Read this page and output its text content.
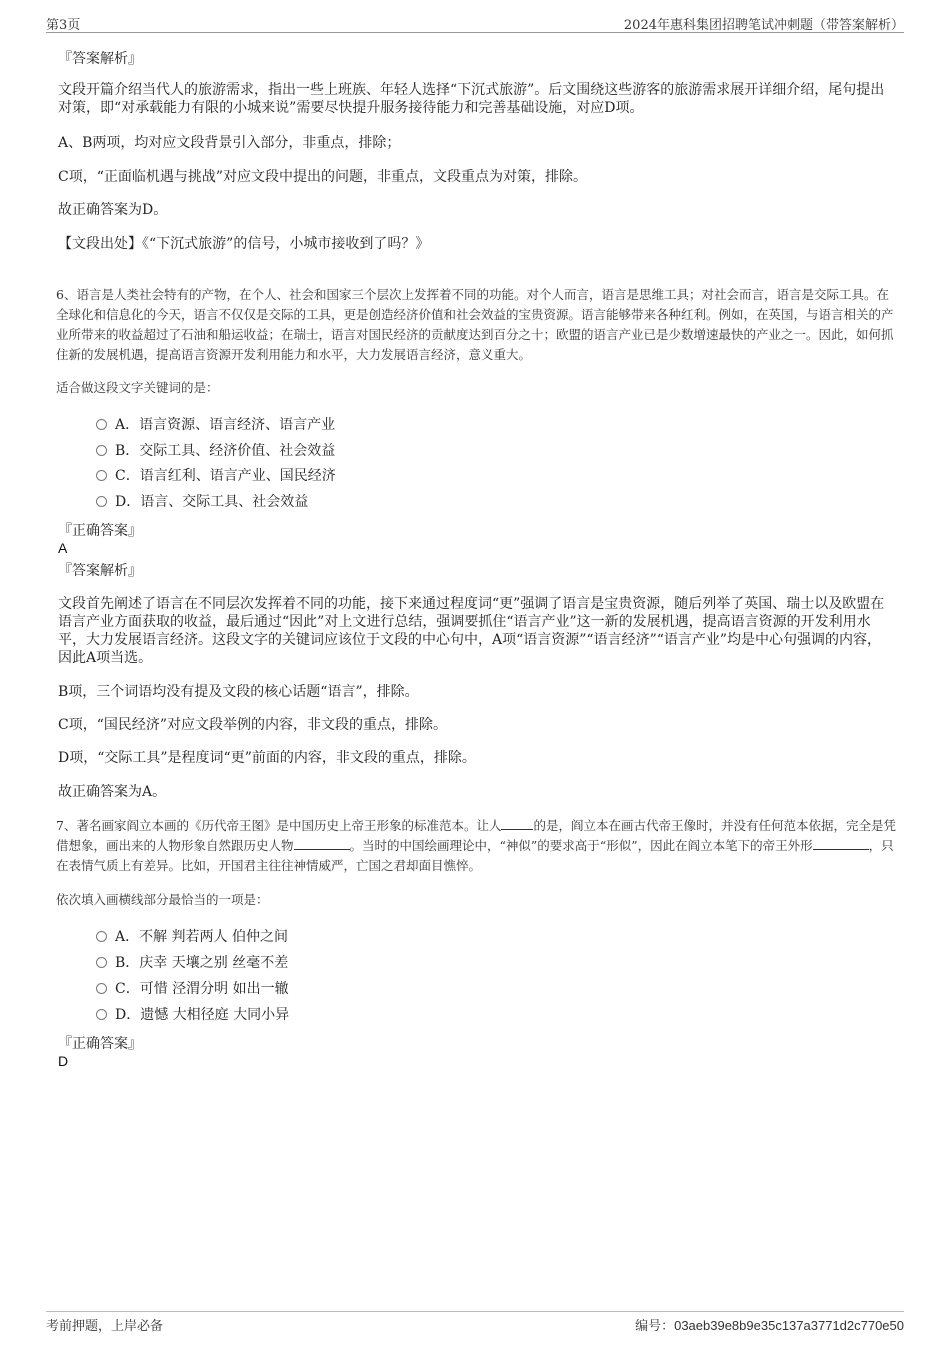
第3页	2024年惠科集团招聘笔试冲刺题（带答案解析）
『答案解析』
文段开篇介绍当代人的旅游需求，指出一些上班族、年轻人选择“下沉式旅游”。后文围绕这些游客的旅游需求展开详细介绍，尾句提出对策，即“对承载能力有限的小城来说”需要尽快提升服务接待能力和完善基础设施，对应D项。
A、B两项，均对应文段背景引入部分，非重点，排除；
C项，“正面临机遇与挑战”对应文段中提出的问题，非重点，文段重点为对策，排除。
故正确答案为D。
【文段出处】《“下沉式旅游”的信号，小城市接收到了吗？》
6、语言是人类社会特有的产物，在个人、社会和国家三个层次上发挥着不同的功能。对个人而言，语言是思维工具；对社会而言，语言是交际工具。在全球化和信息化的今天，语言不仅仅是交际的工具，更是创造经济价值和社会效益的宝贵资源。语言能够带来各种红利。例如，在英国，与语言相关的产业所带来的收益超过了石油和船运收益；在瑞士，语言对国民经济的贡献度达到百分之十；欧盟的语言产业已是少数增速最快的产业之一。因此，如何抓住新的发展机遇，提高语言资源开发利用能力和水平，大力发展语言经济，意义重大。
适合做这段文字关键词的是：
A．语言资源、语言经济、语言产业
B．交际工具、经济价值、社会效益
C．语言红利、语言产业、国民经济
D．语言、交际工具、社会效益
『正确答案』
A
『答案解析』
文段首先阐述了语言在不同层次发挥着不同的功能，接下来通过程度词“更”强调了语言是宝贵资源，随后列举了英国、瑞士以及欧盟在语言产业方面获取的收益，最后通过“因此”对上文进行总结，强调要抓住“语言产业”这一新的发展机遇，提高语言资源的开发利用水平，大力发展语言经济。这段文字的关键词应该位于文段的中心句中，A项“语言资源”“语言经济”“语言产业”均是中心句强调的内容，因此A项当选。
B项，三个词语均没有提及文段的核心话题“语言”，排除。
C项，“国民经济”对应文段举例的内容，非文段的重点，排除。
D项，“交际工具”是程度词“更”前面的内容，非文段的重点，排除。
故正确答案为A。
7、著名画家阎立本画的《历代帝王图》是中国历史上帝王形象的标准范本。让人	的是，阎立本在画古代帝王像时，并没有任何范本依据，完全是凭借想象，画出来的人物形象自然跟历史人物	。当时的中国绘画理论中，“神似”的要求高于“形似”，因此在阎立本笔下的帝王外形	，只在表情气质上有差异。比如，开国君主往往神情威严，亡国之君却面目憔悴。
依次填入画横线部分最恰当的一项是：
A．不解 判若两人 伯仲之间
B．庆幸 天壤之别 丝毫不差
C．可惜 泾渭分明 如出一辙
D．遗憾 大相径庭 大同小异
『正确答案』
D
考前押题，上岸必备	编号：03aeb39e8b9e35c137a3771d2c770e50
